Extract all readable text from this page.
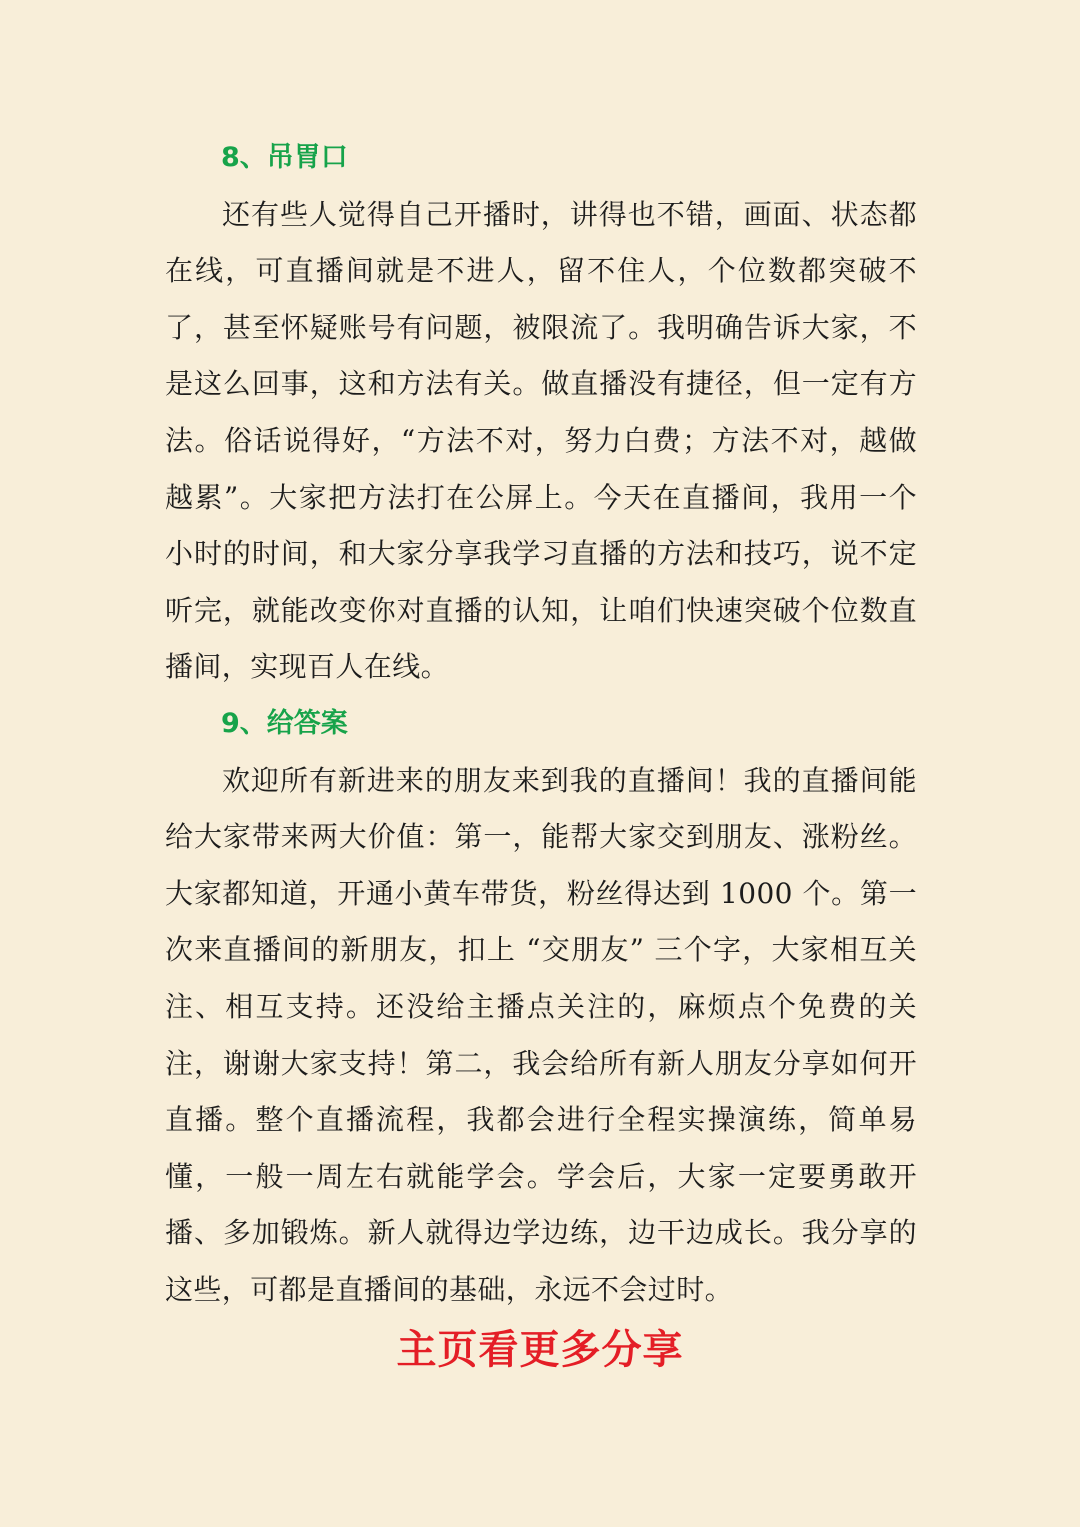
8、吊胃口

还有些人觉得自己开播时，讲得也不错，画面、状态都在线，可直播间就是不进人，留不住人，个位数都突破不了，甚至怀疑账号有问题，被限流了。我明确告诉大家，不是这么回事，这和方法有关。做直播没有捷径，但一定有方法。俗话说得好，“方法不对，努力白费；方法不对，越做越累”。大家把方法打在公屏上。今天在直播间，我用一个小时的时间，和大家分享我学习直播的方法和技巧，说不定听完，就能改变你对直播的认知，让咱们快速突破个位数直播间，实现百人在线。

9、给答案

欢迎所有新进来的朋友来到我的直播间！我的直播间能给大家带来两大价值：第一，能帮大家交到朋友、涨粉丝。大家都知道，开通小黄车带货，粉丝得达到 1000 个。第一次来直播间的新朋友，扣上 “交朋友” 三个字，大家相互关注、相互支持。还没给主播点关注的，麻烦点个免费的关注，谢谢大家支持！第二，我会给所有新人朋友分享如何开直播。整个直播流程，我都会进行全程实操演练，简单易懂，一般一周左右就能学会。学会后，大家一定要勇敢开播、多加锻炼。新人就得边学边练，边干边成长。我分享的这些，可都是直播间的基础，永远不会过时。

主页看更多分享
